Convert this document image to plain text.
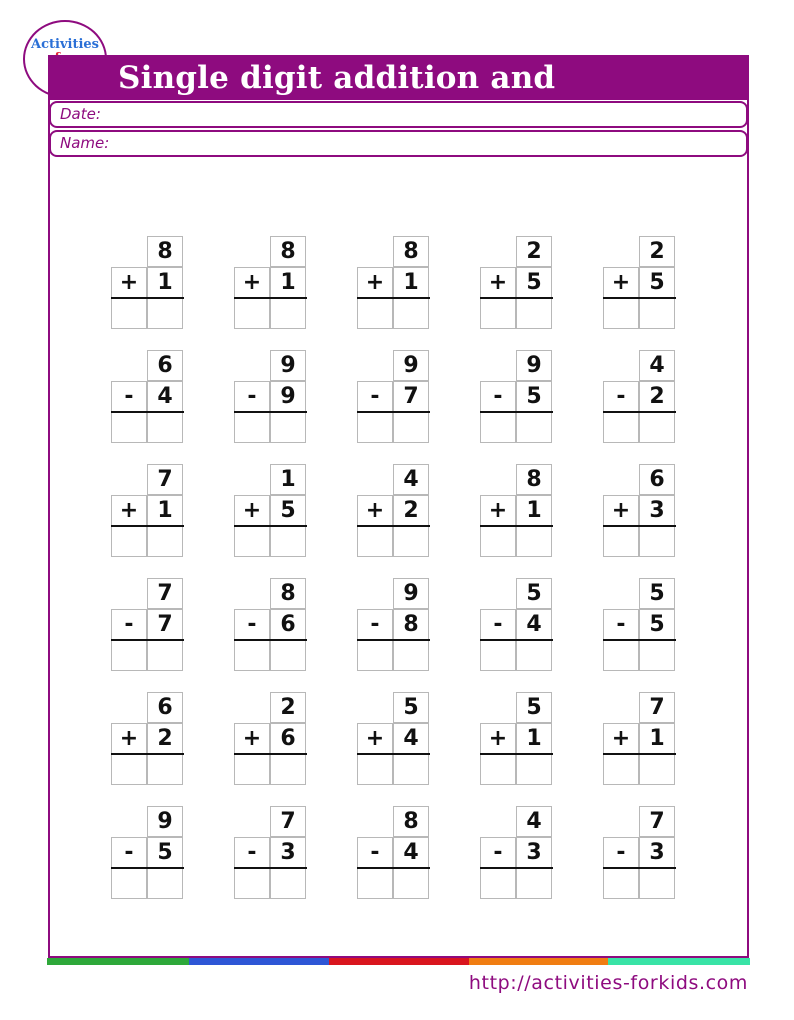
Activities
Single digit addition and
Date:
Name:
8
+ 1
8
+ 1
8
+ 1
2
+ 5
2
+ 5
6
-	4
9
-	9
9
-	7
9
-	5
4
-	2
7
+ 1
1
+ 5
4
+ 2
8
+ 1
6
+ 3
7
-	7
8
-	6
9
-	8
5
-	4
5
-	5
6
+ 2
2
+ 6
5
+ 4
5
+ 1
7
+ 1
9
-	5
7
-	3
8
-	4
4
-	3
7
-	3
http://activities-forkids.com
